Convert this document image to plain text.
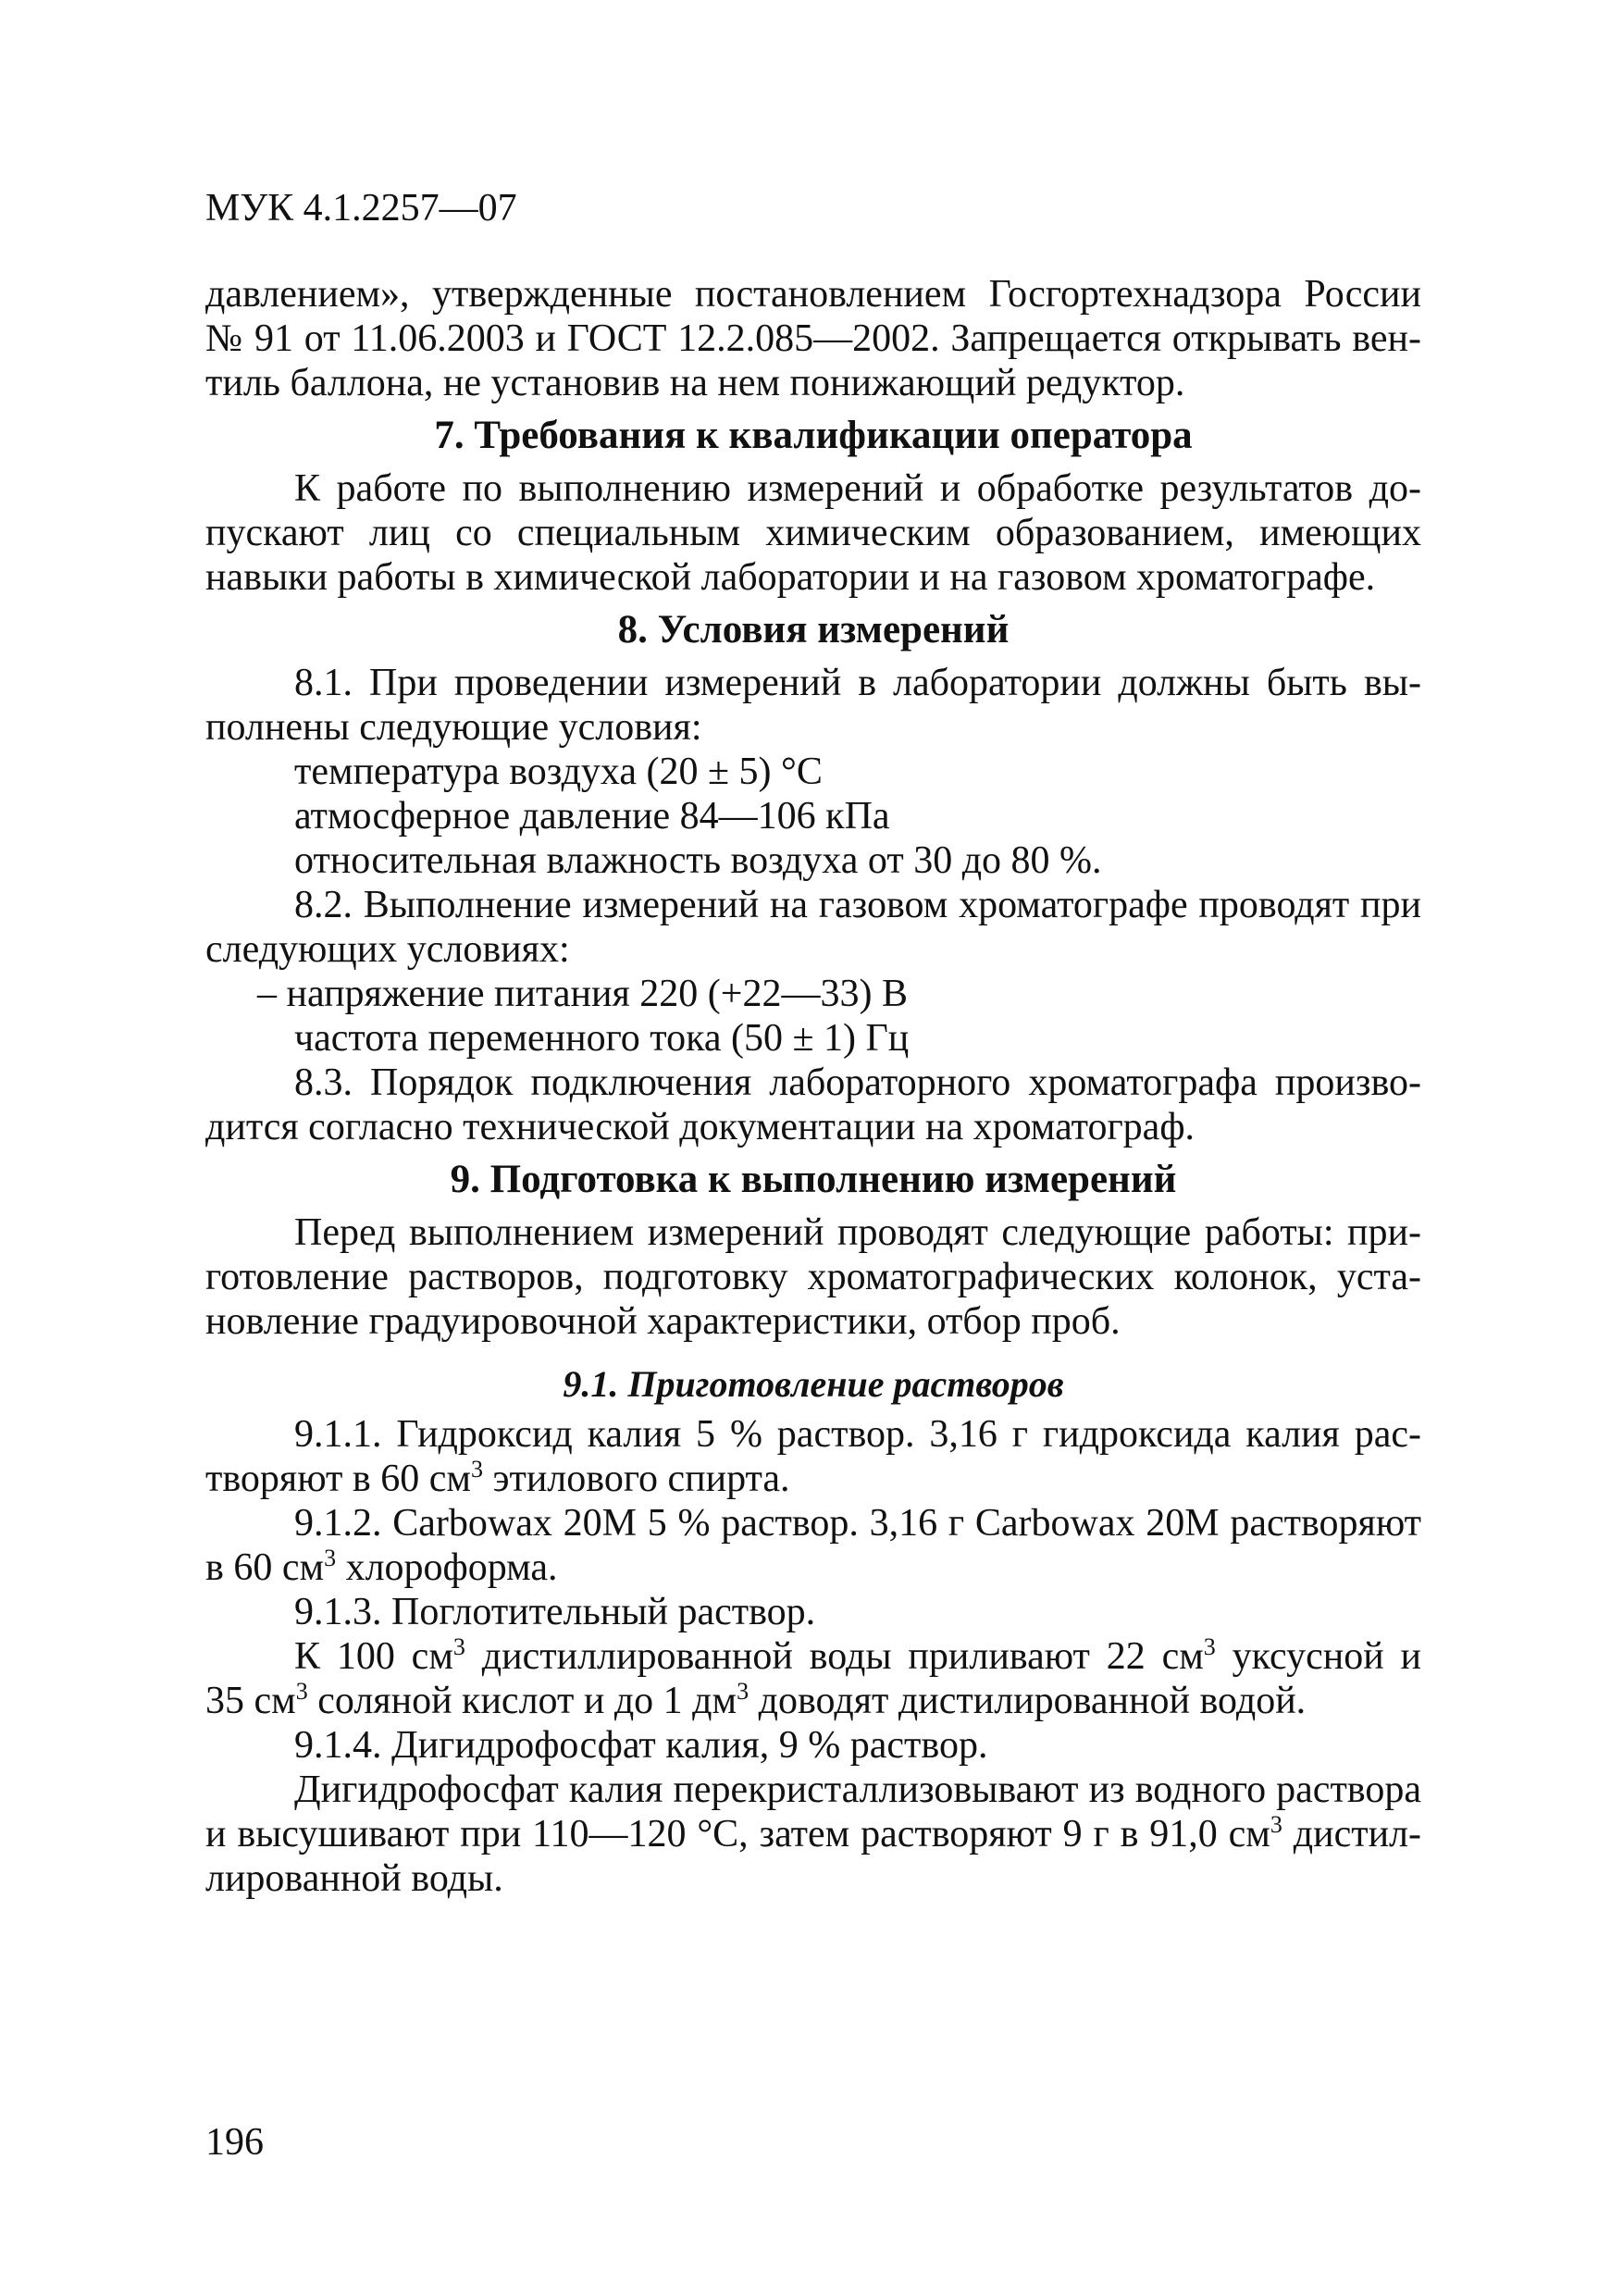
МУК 4.1.2257—07

давлением», утвержденные постановлением Госгортехнадзора России

№ 91 от 11.06.2003 и ГОСТ 12.2.085—2002. Запрещается открывать вен-

тиль баллона, не установив на нем понижающий редуктор.

7. Требования к квалификации оператора

К работе по выполнению измерений и обработке результатов до-

пускают лиц со специальным химическим образованием, имеющих

навыки работы в химической лаборатории и на газовом хроматографе.

8. Условия измерений

8.1. При проведении измерений в лаборатории должны быть вы-

полнены следующие условия:

температура воздуха (20 ± 5) °С

атмосферное давление 84—106 кПа

относительная влажность воздуха от 30 до 80 %.

8.2. Выполнение измерений на газовом хроматографе проводят при

следующих условиях:

– напряжение питания 220 (+22—33) В

частота переменного тока (50 ± 1) Гц

8.3. Порядок подключения лабораторного хроматографа произво-

дится согласно технической документации на хроматограф.

9. Подготовка к выполнению измерений

Перед выполнением измерений проводят следующие работы: при-

готовление растворов, подготовку хроматографических колонок, уста-

новление градуировочной характеристики, отбор проб.

9.1. Приготовление растворов

9.1.1. Гидроксид калия 5 % раствор. 3,16 г гидроксида калия рас-

творяют в 60 $см^3$ этилового спирта.

9.1.2. Carbowax 20M 5 % раствор. 3,16 г Carbowax 20M растворяют

в 60 $см^3$ хлороформа.

9.1.3. Поглотительный раствор.

К 100 $см^3$ дистиллированной воды приливают 22 $см^3$ уксусной и

35 $см^3$ соляной кислот и до 1 $дм^3$ доводят дистилированной водой.

9.1.4. Дигидрофосфат калия, 9 % раствор.

Дигидрофосфат калия перекристаллизовывают из водного раствора

и высушивают при 110—120 °С, затем растворяют 9 г в 91,0 $см^3$ дистил-

лированной воды.

196
